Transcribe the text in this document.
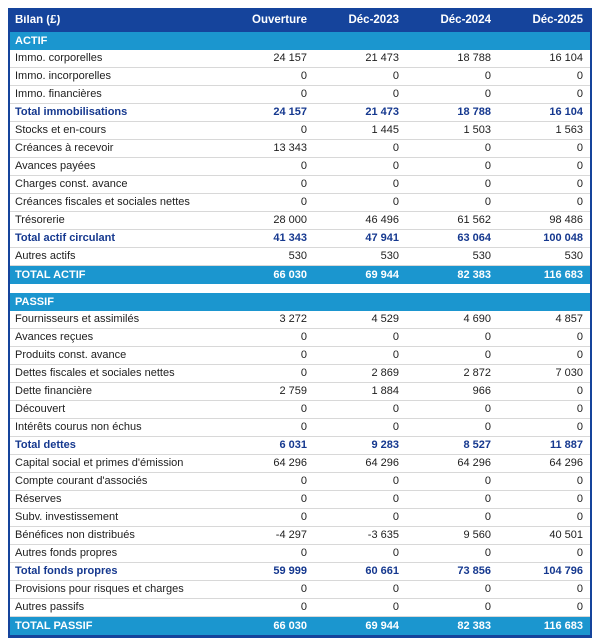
Bilan (£)	Ouverture	Déc-2023	Déc-2024	Déc-2025
ACTIF
Immo. corporelles	24 157	21 473	18 788	16 104
Immo. incorporelles	0	0	0	0
Immo. financières	0	0	0	0
Total immobilisations	24 157	21 473	18 788	16 104
Stocks et en-cours	0	1 445	1 503	1 563
Créances à recevoir	13 343	0	0	0
Avances payées	0	0	0	0
Charges const. avance	0	0	0	0
Créances fiscales et sociales nettes	0	0	0	0
Trésorerie	28 000	46 496	61 562	98 486
Total actif circulant	41 343	47 941	63 064	100 048
Autres actifs	530	530	530	530
TOTAL ACTIF	66 030	69 944	82 383	116 683
PASSIF
Fournisseurs et assimilés	3 272	4 529	4 690	4 857
Avances reçues	0	0	0	0
Produits const. avance	0	0	0	0
Dettes fiscales et sociales nettes	0	2 869	2 872	7 030
Dette financière	2 759	1 884	966	0
Découvert	0	0	0	0
Intérêts courus non échus	0	0	0	0
Total dettes	6 031	9 283	8 527	11 887
Capital social et primes d'émission	64 296	64 296	64 296	64 296
Compte courant d'associés	0	0	0	0
Réserves	0	0	0	0
Subv. investissement	0	0	0	0
Bénéfices non distribués	-4 297	-3 635	9 560	40 501
Autres fonds propres	0	0	0	0
Total fonds propres	59 999	60 661	73 856	104 796
Provisions pour risques et charges	0	0	0	0
Autres passifs	0	0	0	0
TOTAL PASSIF	66 030	69 944	82 383	116 683
